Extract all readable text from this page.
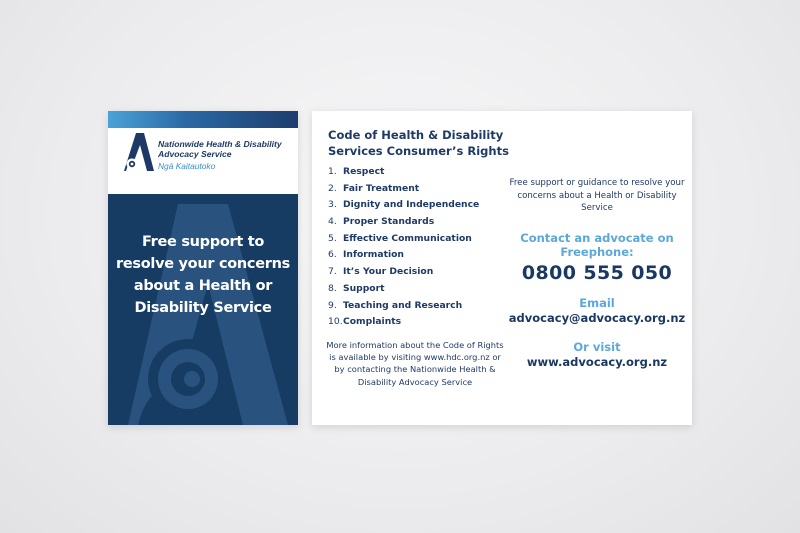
Nationwide Health & Disability Advocacy Service
Ngā Kaitautoko
Free support to resolve your concerns about a Health or Disability Service
Code of Health & Disability Services Consumer’s Rights
1. Respect
2. Fair Treatment
3. Dignity and Independence
4. Proper Standards
5. Effective Communication
6. Information
7. It’s Your Decision
8. Support
9. Teaching and Research
10.Complaints
More information about the Code of Rights is available by visiting www.hdc.org.nz or by contacting the Nationwide Health & Disability Advocacy Service
Free support or guidance to resolve your concerns about a Health or Disability Service
Contact an advocate on Freephone:
0800 555 050
Email
advocacy@advocacy.org.nz
Or visit
www.advocacy.org.nz
